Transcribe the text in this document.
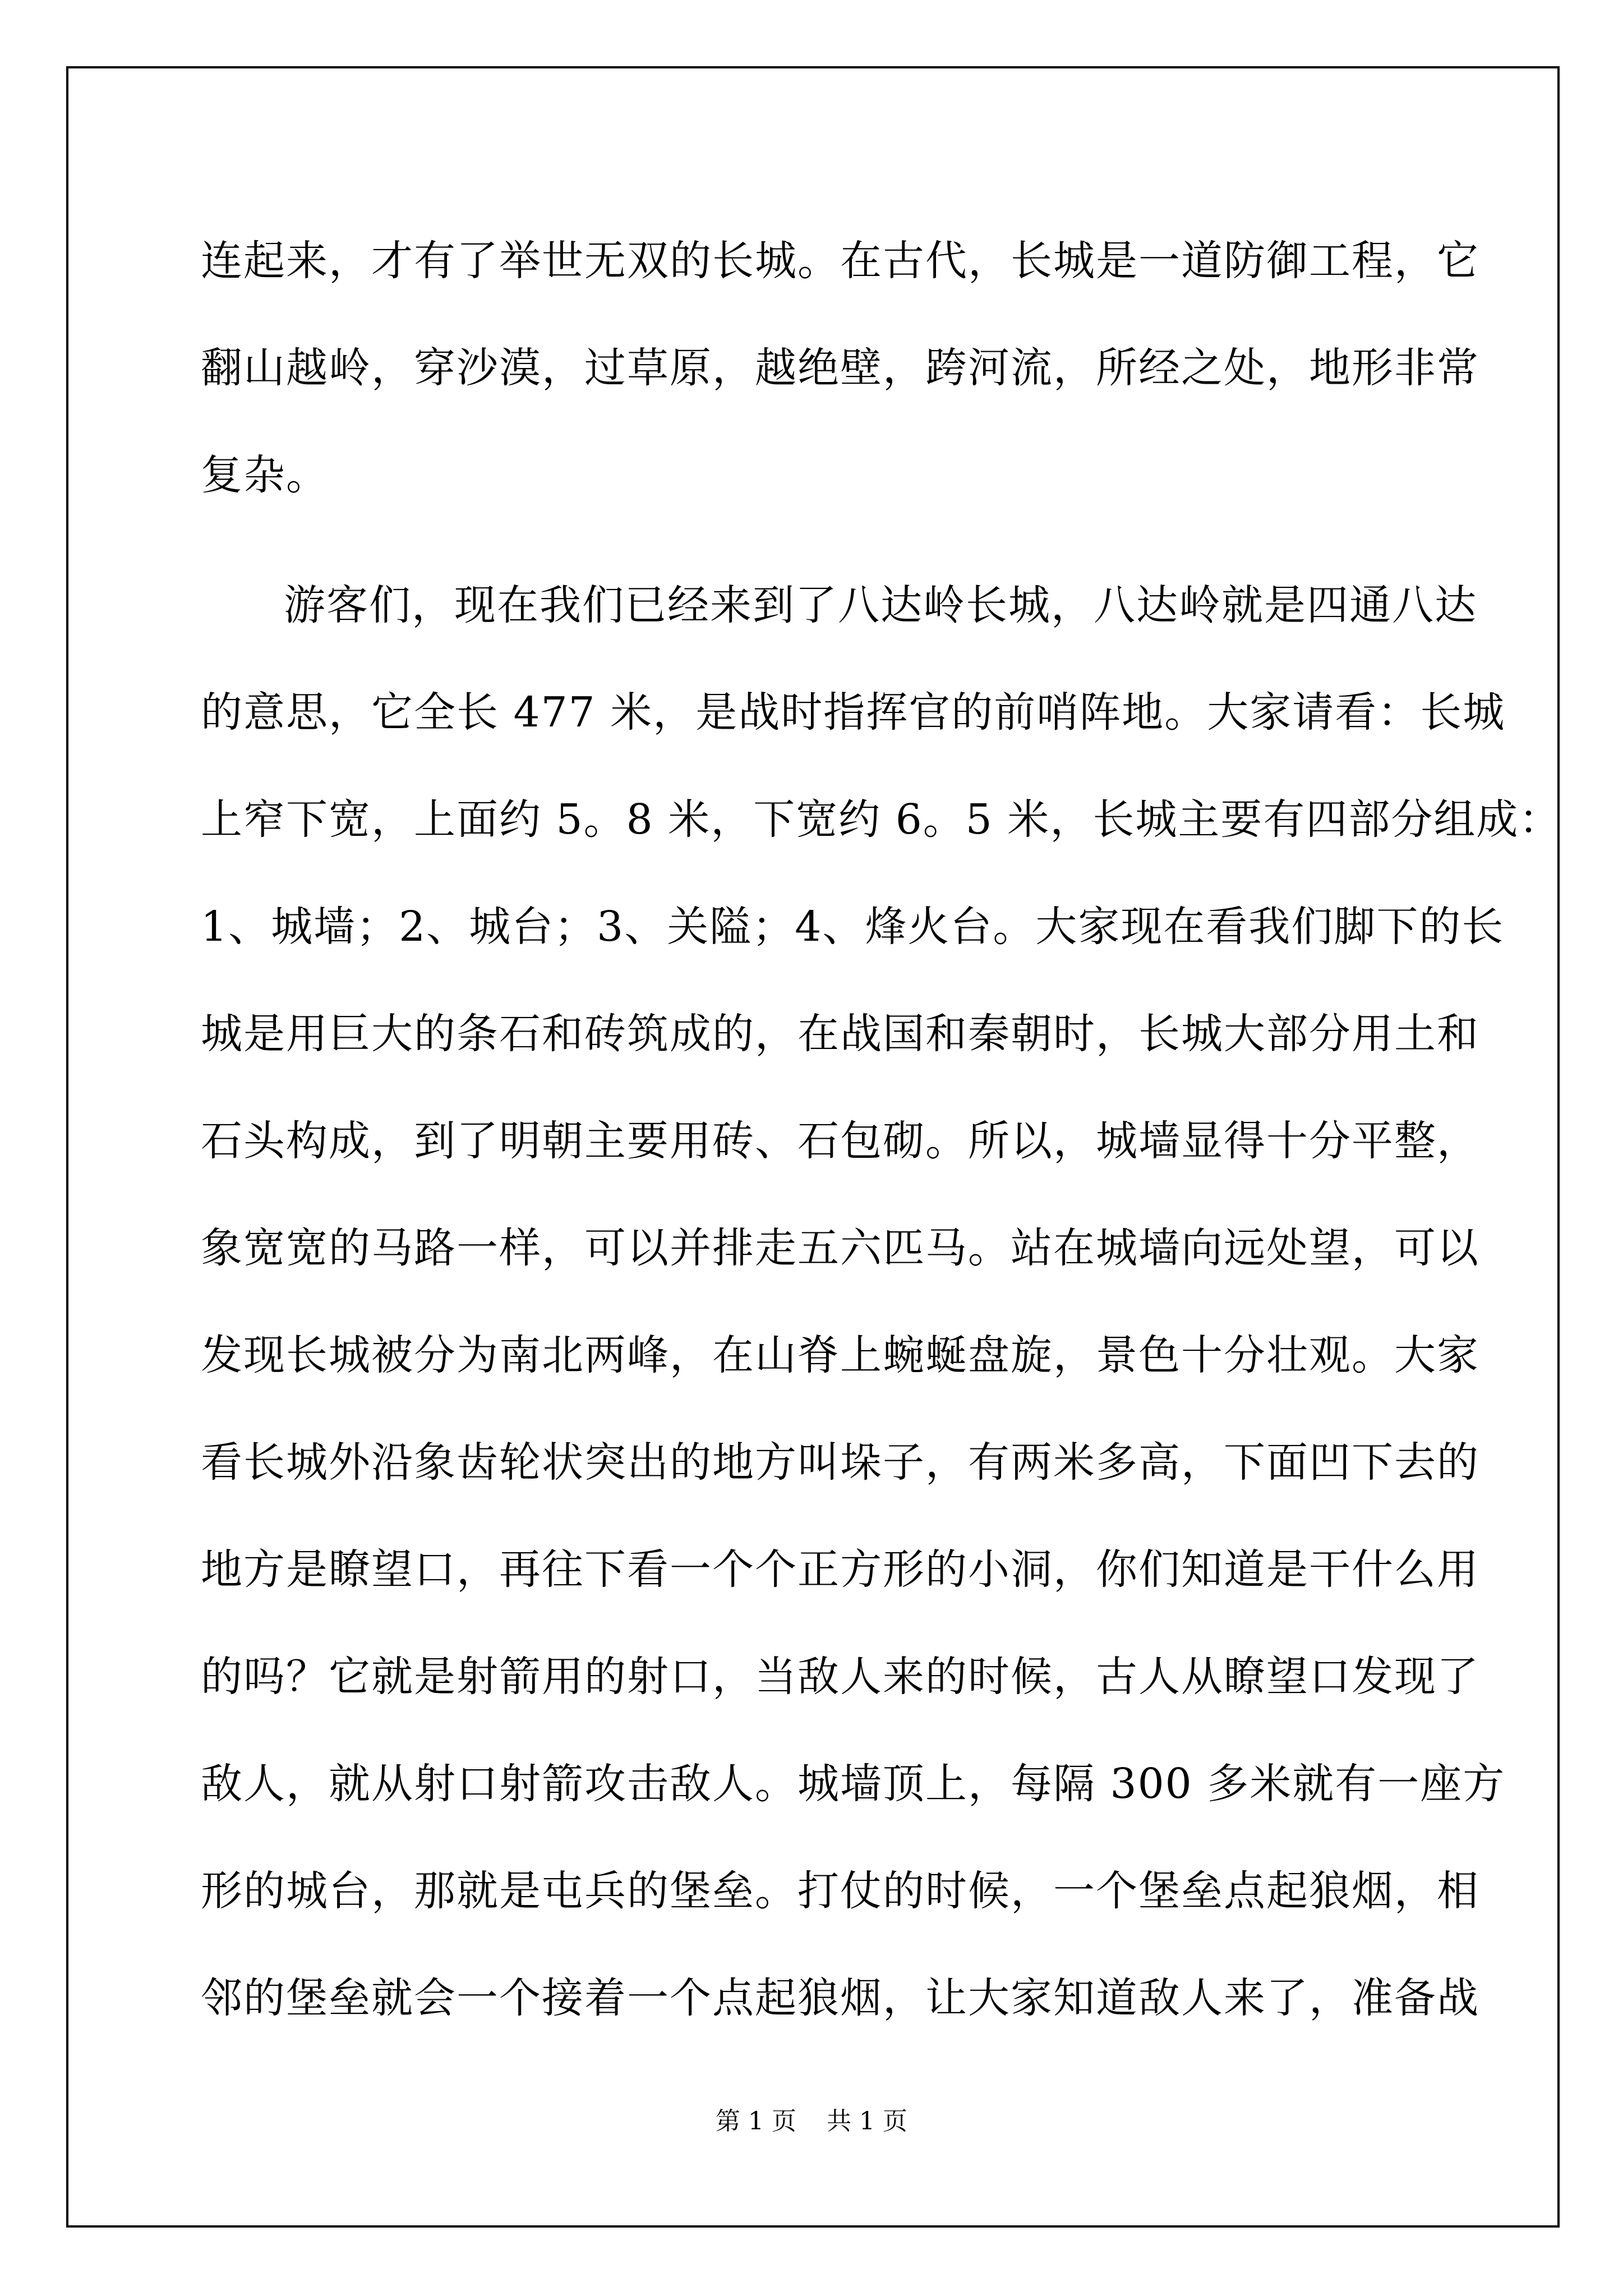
连起来，才有了举世无双的长城。在古代，长城是一道防御工程，它
翻山越岭，穿沙漠，过草原，越绝壁，跨河流，所经之处，地形非常
复杂。
游客们，现在我们已经来到了八达岭长城，八达岭就是四通八达
的意思，它全长 477 米，是战时指挥官的前哨阵地。大家请看：长城
上窄下宽，上面约 5。8 米，下宽约 6。5 米，长城主要有四部分组成：
1、城墙；2、城台；3、关隘；4、烽火台。大家现在看我们脚下的长
城是用巨大的条石和砖筑成的，在战国和秦朝时，长城大部分用土和
石头构成，到了明朝主要用砖、石包砌。所以，城墙显得十分平整，
象宽宽的马路一样，可以并排走五六匹马。站在城墙向远处望，可以
发现长城被分为南北两峰，在山脊上蜿蜒盘旋，景色十分壮观。大家
看长城外沿象齿轮状突出的地方叫垛子，有两米多高，下面凹下去的
地方是瞭望口，再往下看一个个正方形的小洞，你们知道是干什么用
的吗？它就是射箭用的射口，当敌人来的时候，古人从瞭望口发现了
敌人，就从射口射箭攻击敌人。城墙顶上，每隔 300 多米就有一座方
形的城台，那就是屯兵的堡垒。打仗的时候，一个堡垒点起狼烟，相
邻的堡垒就会一个接着一个点起狼烟，让大家知道敌人来了，准备战
第 1 页 共 1 页
